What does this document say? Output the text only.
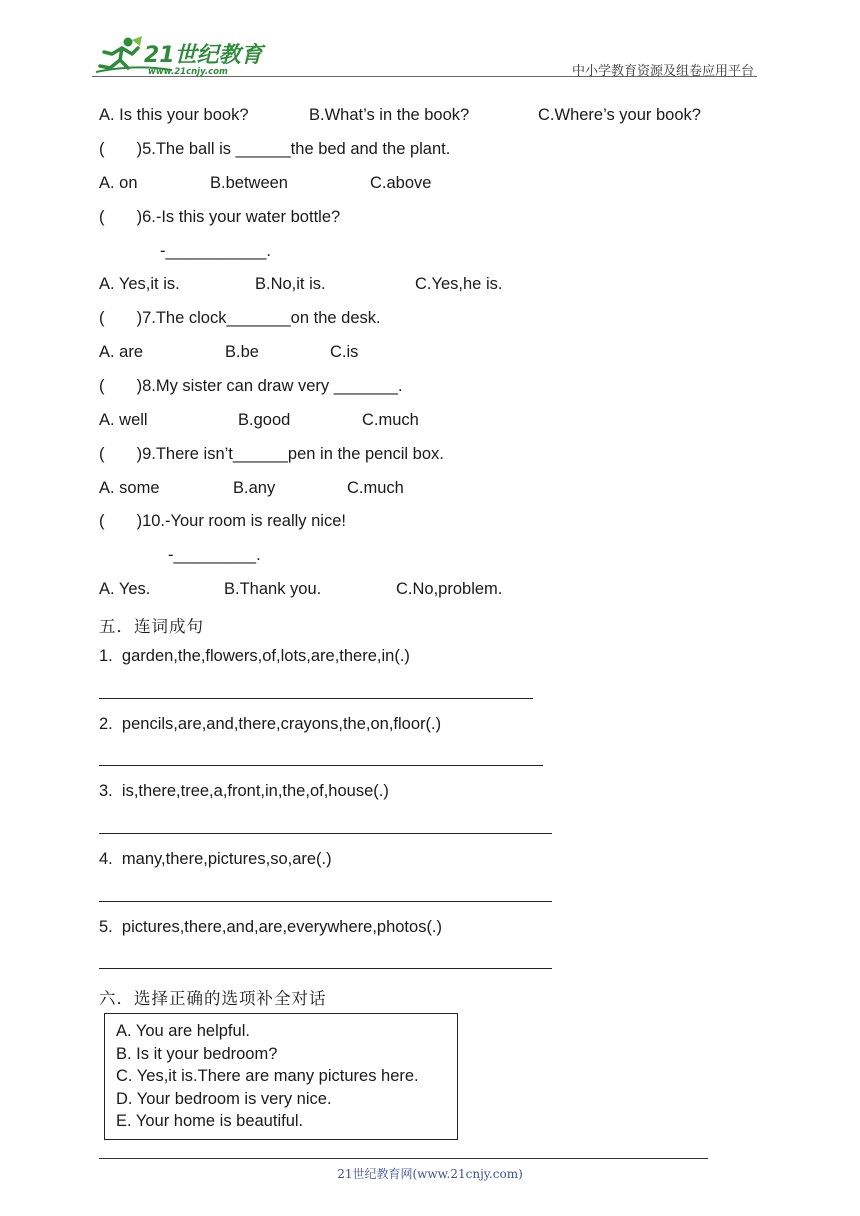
21世纪教育
www.21cnjy.com	中小学教育资源及组卷应用平台
A. Is this your book?	B.What’s in the book?	C.Where’s your book?
(       )5.The ball is ______the bed and the plant.
A. on	B.between	C.above
(       )6.-Is this your water bottle?
-___________.
A. Yes,it is.	B.No,it is.	C.Yes,he is.
(       )7.The clock_______on the desk.
A. are	B.be	C.is
(       )8.My sister can draw very _______.
A. well	B.good	C.much
(       )9.There isn’t______pen in the pencil box.
A. some	B.any	C.much
(       )10.-Your room is really nice!
-_________.
A. Yes.	B.Thank you.	C.No,problem.
五．连词成句
1.  garden,the,flowers,of,lots,are,there,in(.)
2.  pencils,are,and,there,crayons,the,on,floor(.)
3.  is,there,tree,a,front,in,the,of,house(.)
4.  many,there,pictures,so,are(.)
5.  pictures,there,and,are,everywhere,photos(.)
六．选择正确的选项补全对话
A. You are helpful.
B. Is it your bedroom?
C. Yes,it is.There are many pictures here.
D. Your bedroom is very nice.
E. Your home is beautiful.
21世纪教育网(www.21cnjy.com)
